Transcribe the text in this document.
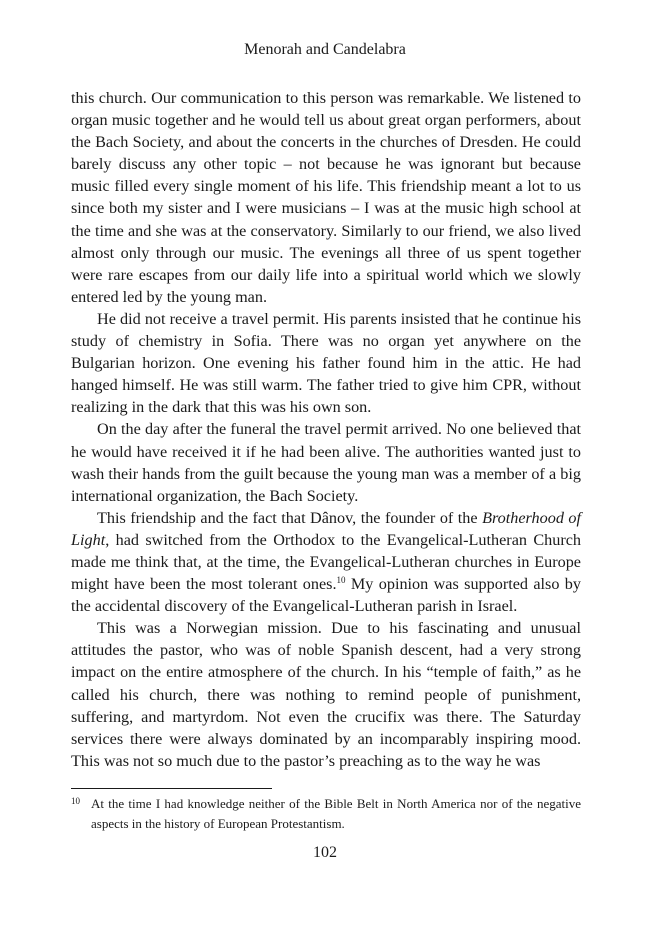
Menorah and Candelabra

this church. Our communication to this person was remarkable. We listened to organ music together and he would tell us about great organ performers, about the Bach Society, and about the concerts in the churches of Dresden. He could barely discuss any other topic – not because he was ignorant but because music filled every single moment of his life. This friendship meant a lot to us since both my sister and I were musicians – I was at the music high school at the time and she was at the conservatory. Similarly to our friend, we also lived almost only through our music. The evenings all three of us spent together were rare escapes from our daily life into a spiritual world which we slowly entered led by the young man.

He did not receive a travel permit. His parents insisted that he continue his study of chemistry in Sofia. There was no organ yet anywhere on the Bulgarian horizon. One evening his father found him in the attic. He had hanged himself. He was still warm. The father tried to give him CPR, without realizing in the dark that this was his own son.

On the day after the funeral the travel permit arrived. No one believed that he would have received it if he had been alive. The authorities wanted just to wash their hands from the guilt because the young man was a member of a big international organization, the Bach Society.

This friendship and the fact that Dânov, the founder of the Brotherhood of Light, had switched from the Orthodox to the Evangelical-Lutheran Church made me think that, at the time, the Evangelical-Lutheran churches in Europe might have been the most tolerant ones.$^{10}$ My opinion was supported also by the accidental discovery of the Evangelical-Lutheran parish in Israel.

This was a Norwegian mission. Due to his fascinating and unusual attitudes the pastor, who was of noble Spanish descent, had a very strong impact on the entire atmosphere of the church. In his “temple of faith,” as he called his church, there was nothing to remind people of punishment, suffering, and martyrdom. Not even the crucifix was there. The Saturday services there were always dominated by an incomparably inspiring mood. This was not so much due to the pastor’s preaching as to the way he was

10 At the time I had knowledge neither of the Bible Belt in North America nor of the negative aspects in the history of European Protestantism.
102
